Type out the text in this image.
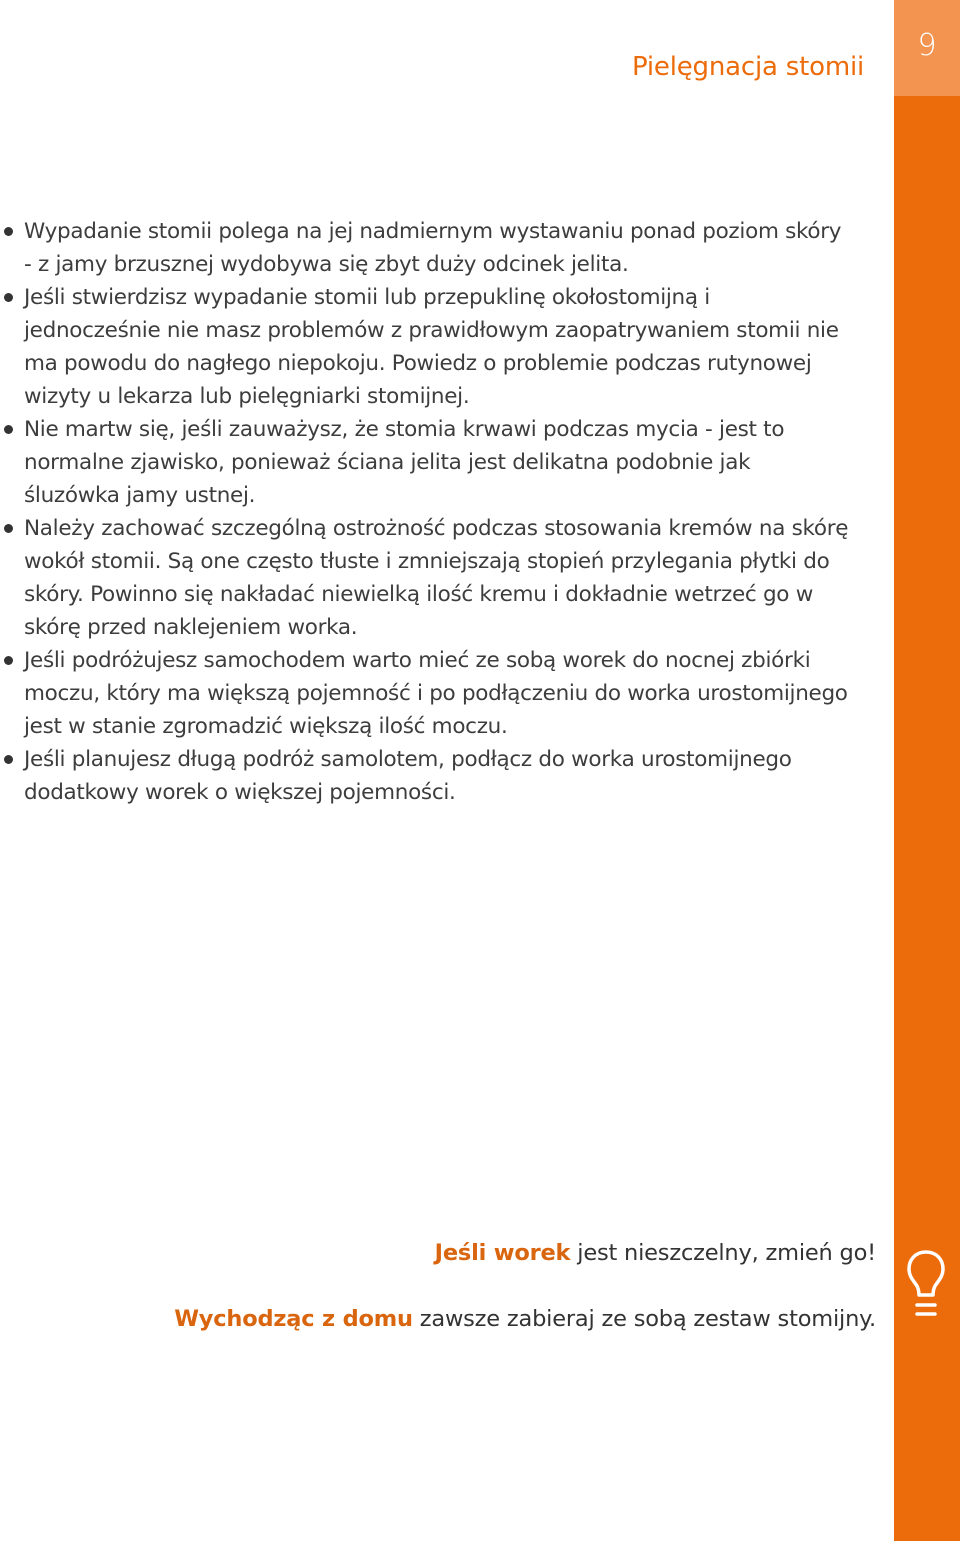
9
Pielęgnacja stomii
Wypadanie stomii polega na jej nadmiernym wystawaniu ponad poziom skóry - z jamy brzusznej wydobywa się zbyt duży odcinek jelita.
Jeśli stwierdzisz wypadanie stomii lub przepuklinę okołostomijną i jednocześnie nie masz problemów z prawidłowym zaopatrywaniem stomii nie ma powodu do nagłego niepokoju. Powiedz o problemie podczas rutynowej wizyty u lekarza lub pielęgniarki stomijnej.
Nie martw się, jeśli zauważysz, że stomia krwawi podczas mycia - jest to normalne zjawisko, ponieważ ściana jelita jest delikatna podobnie jak śluzówka jamy ustnej.
Należy zachować szczególną ostrożność podczas stosowania kremów na skórę wokół stomii. Są one często tłuste i zmniejszają stopień przylegania płytki do skóry. Powinno się nakładać niewielką ilość kremu i dokładnie wetrzeć go w skórę przed naklejeniem worka.
Jeśli podróżujesz samochodem warto mieć ze sobą worek do nocnej zbiórki moczu, który ma większą pojemność i po podłączeniu do worka urostomijnego jest w stanie zgromadzić większą ilość moczu.
Jeśli planujesz długą podróż samolotem, podłącz do worka urostomijnego dodatkowy worek o większej pojemności.
Jeśli worek jest nieszczelny, zmień go!
Wychodząc z domu zawsze zabieraj ze sobą zestaw stomijny.
